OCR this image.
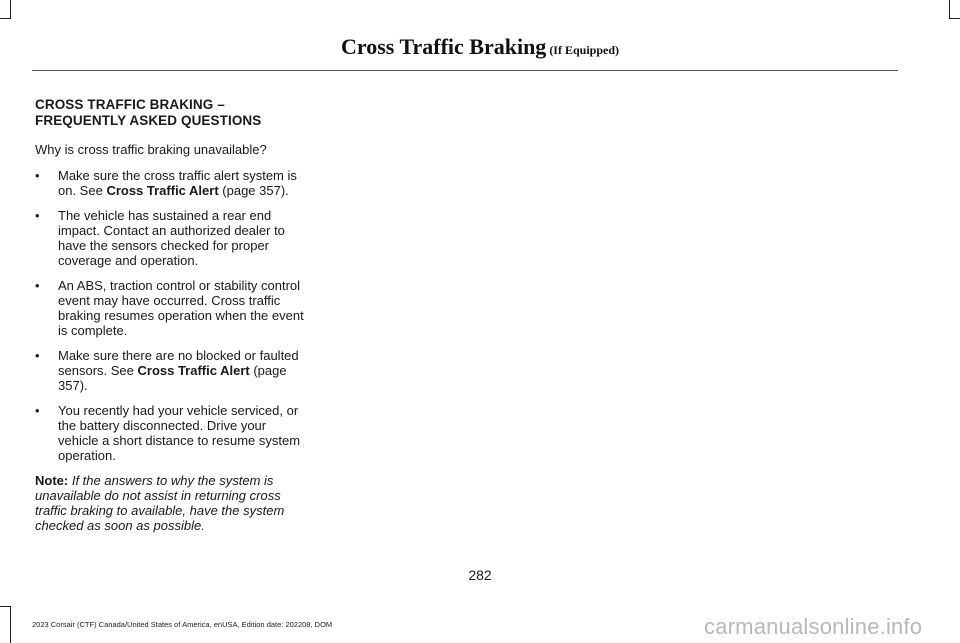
Cross Traffic Braking (If Equipped)
CROSS TRAFFIC BRAKING –
FREQUENTLY ASKED QUESTIONS
Why is cross traffic braking unavailable?
• Make sure the cross traffic alert system is on. See Cross Traffic Alert (page 357).
• The vehicle has sustained a rear end impact. Contact an authorized dealer to have the sensors checked for proper coverage and operation.
• An ABS, traction control or stability control event may have occurred. Cross traffic braking resumes operation when the event is complete.
• Make sure there are no blocked or faulted sensors. See Cross Traffic Alert (page 357).
• You recently had your vehicle serviced, or the battery disconnected. Drive your vehicle a short distance to resume system operation.
Note: If the answers to why the system is unavailable do not assist in returning cross traffic braking to available, have the system checked as soon as possible.
282
2023 Corsair (CTF) Canada/United States of America, enUSA, Edition date: 202208, DOM	carmanualsonline.info
